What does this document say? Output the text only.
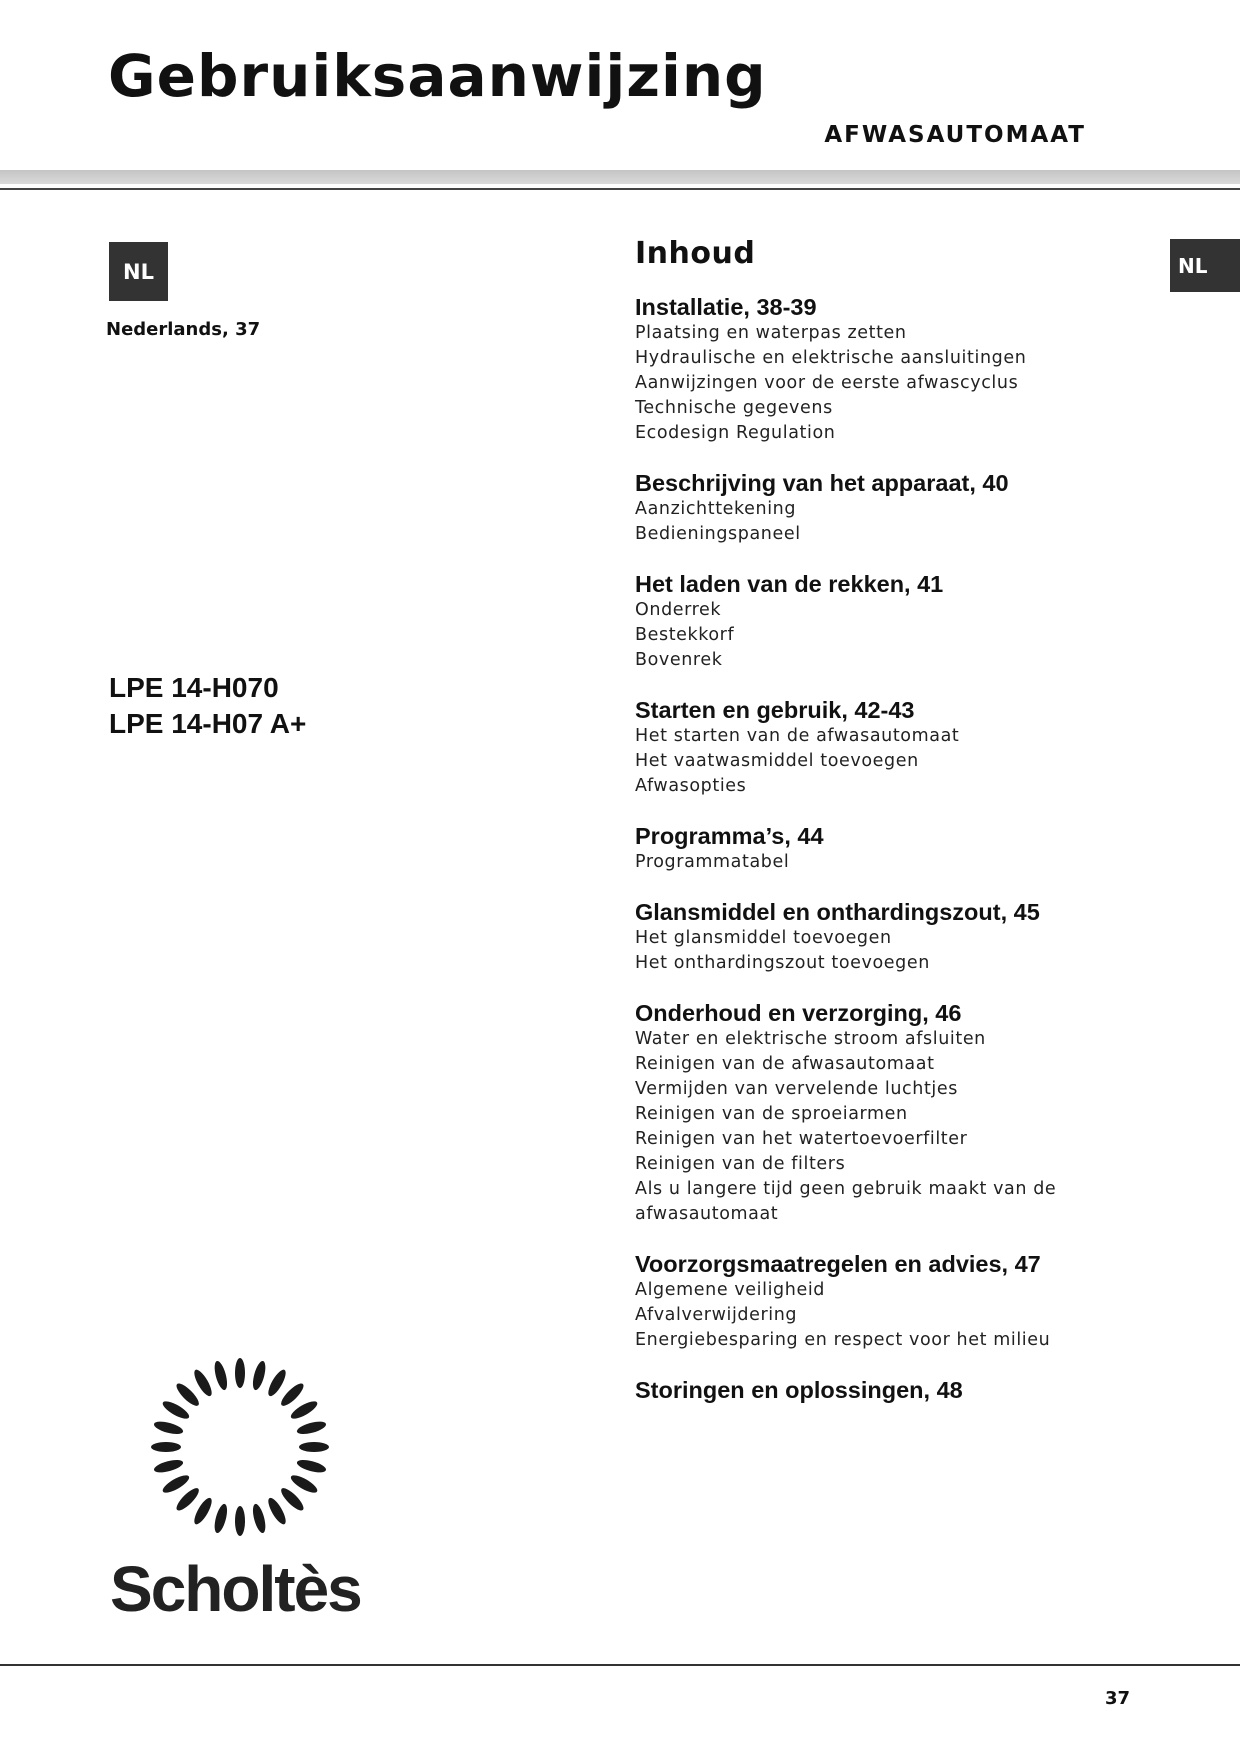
Gebruiksaanwijzing
AFWASAUTOMAAT
NL	NL
Nederlands, 37
LPE 14-H070
LPE 14-H07 A+
Inhoud
Installatie, 38-39
Plaatsing en waterpas zetten
Hydraulische en elektrische aansluitingen
Aanwijzingen voor de eerste afwascyclus
Technische gegevens
Ecodesign Regulation
Beschrijving van het apparaat, 40
Aanzichttekening
Bedieningspaneel
Het laden van de rekken, 41
Onderrek
Bestekkorf
Bovenrek
Starten en gebruik, 42-43
Het starten van de afwasautomaat
Het vaatwasmiddel toevoegen
Afwasopties
Programma’s, 44
Programmatabel
Glansmiddel en onthardingszout, 45
Het glansmiddel toevoegen
Het onthardingszout toevoegen
Onderhoud en verzorging, 46
Water en elektrische stroom afsluiten
Reinigen van de afwasautomaat
Vermijden van vervelende luchtjes
Reinigen van de sproeiarmen
Reinigen van het watertoevoerfilter
Reinigen van de filters
Als u langere tijd geen gebruik maakt van de afwasautomaat
Voorzorgsmaatregelen en advies, 47
Algemene veiligheid
Afvalverwijdering
Energiebesparing en respect voor het milieu
Storingen en oplossingen, 48
Scholtès
37
